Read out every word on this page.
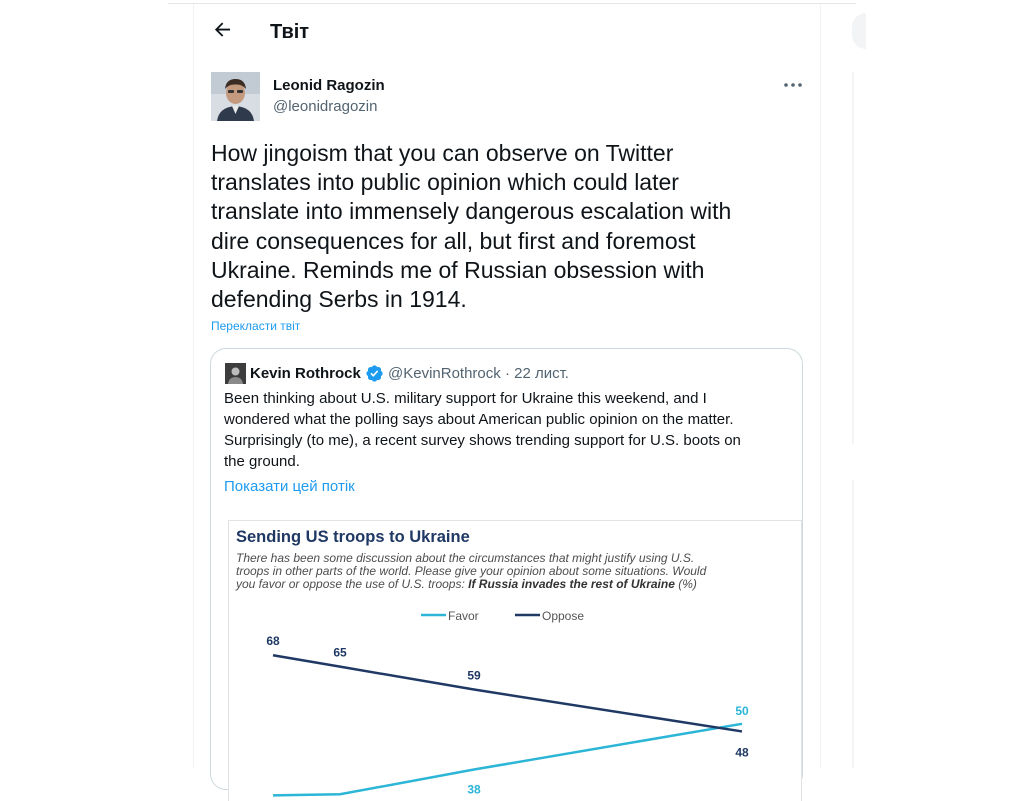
Твіт
Leonid Ragozin
@leonidragozin
How jingoism that you can observe on Twitter
translates into public opinion which could later
translate into immensely dangerous escalation with
dire consequences for all, but first and foremost
Ukraine. Reminds me of Russian obsession with
defending Serbs in 1914.
Перекласти твіт
Kevin Rothrock @KevinRothrock · 22 лист.
Been thinking about U.S. military support for Ukraine this weekend, and I
wondered what the polling says about American public opinion on the matter.
Surprisingly (to me), a recent survey shows trending support for U.S. boots on
the ground.
Показати цей потік
Sending US troops to Ukraine
There has been some discussion about the circumstances that might justify using U.S.
troops in other parts of the world. Please give your opinion about some situations. Would
you favor or oppose the use of U.S. troops: If Russia invades the rest of Ukraine (%)
Favor	Oppose
38
50
68
65
59
48
